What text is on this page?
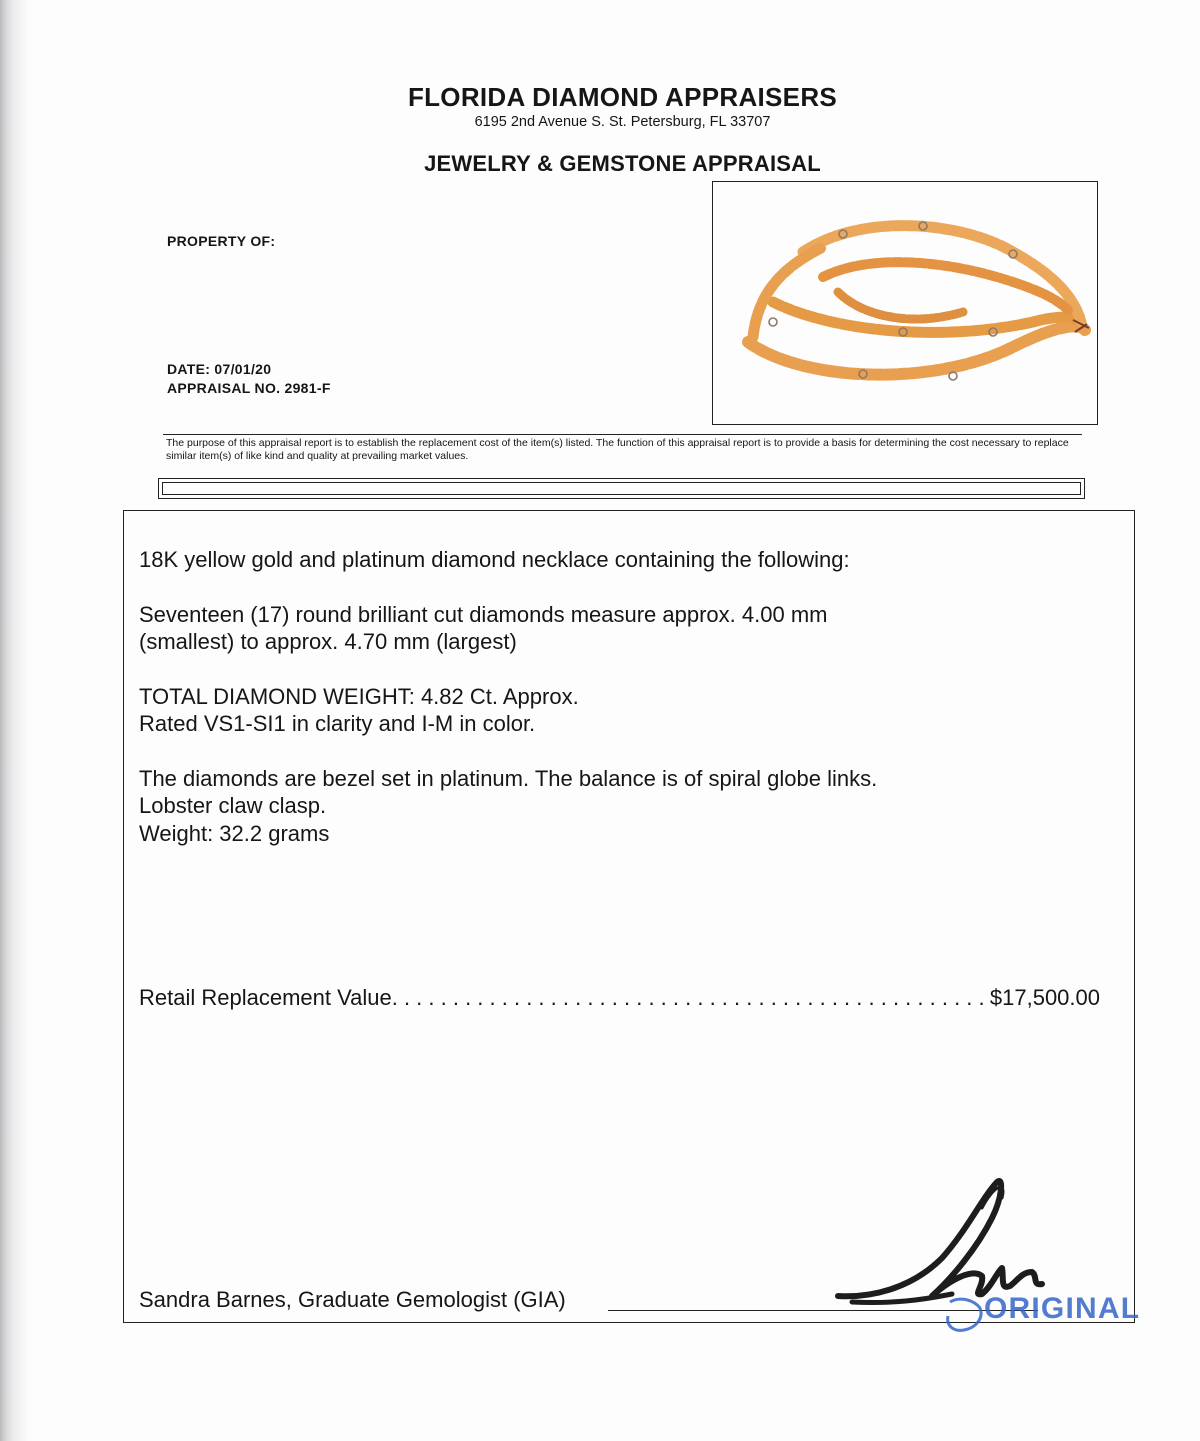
FLORIDA DIAMOND APPRAISERS
6195 2nd Avenue S. St. Petersburg, FL 33707
JEWELRY & GEMSTONE APPRAISAL
PROPERTY OF:
DATE: 07/01/20
APPRAISAL NO. 2981-F
The purpose of this appraisal report is to establish the replacement cost of the item(s) listed. The function of this appraisal report is to provide a basis for determining the cost necessary to replace similar item(s) of like kind and quality at prevailing market values.
18K yellow gold and platinum diamond necklace containing the following:
Seventeen (17) round brilliant cut diamonds measure approx. 4.00 mm
(smallest) to approx. 4.70 mm (largest)
TOTAL DIAMOND WEIGHT: 4.82 Ct. Approx.
Rated VS1-SI1 in clarity and I-M in color.
The diamonds are bezel set in platinum. The balance is of spiral globe links.
Lobster claw clasp.
Weight: 32.2 grams
Retail Replacement Value
. . .	$17,500.00
Sandra Barnes, Graduate Gemologist (GIA)	ORIGINAL
